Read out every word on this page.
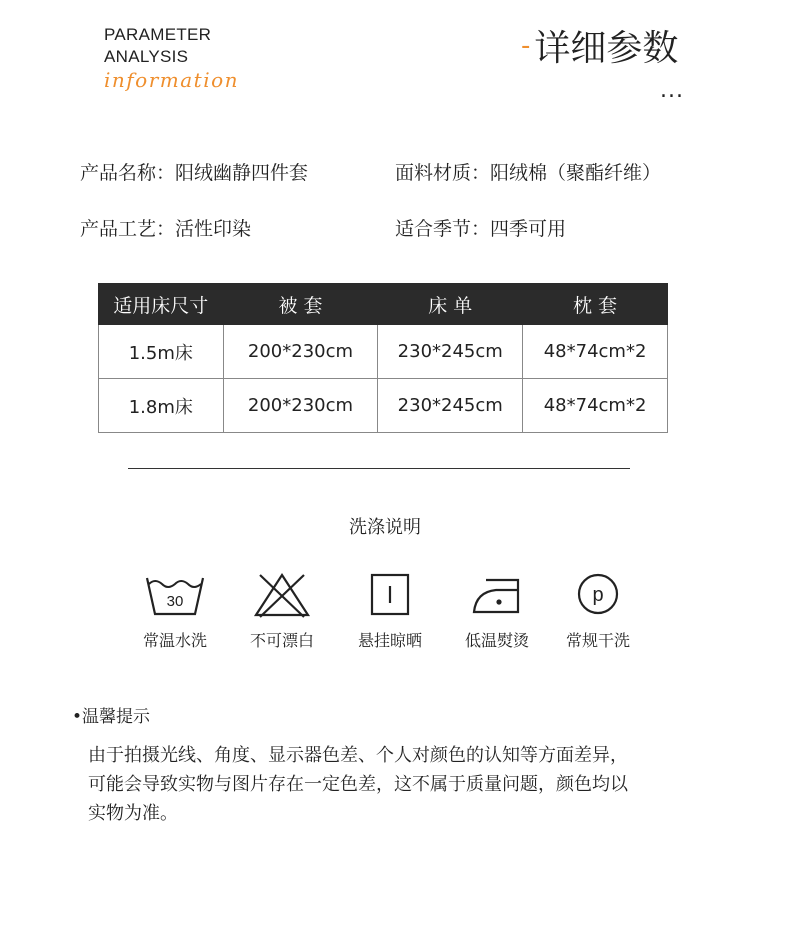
PARAMETER
ANALYSIS
information
- 详细参数
...
产品名称：阳绒幽静四件套	面料材质：阳绒棉（聚酯纤维）
产品工艺：活性印染	适合季节：四季可用
适用床尺寸	被 套	床 单	枕 套
1.5m床	200*230cm	230*245cm	48*74cm*2
1.8m床	200*230cm	230*245cm	48*74cm*2
洗涤说明
30
常温水洗	不可漂白	悬挂晾晒	低温熨烫
p
常规干洗
•温馨提示
由于拍摄光线、角度、显示器色差、个人对颜色的认知等方面差异，
可能会导致实物与图片存在一定色差，这不属于质量问题，颜色均以
实物为准。
